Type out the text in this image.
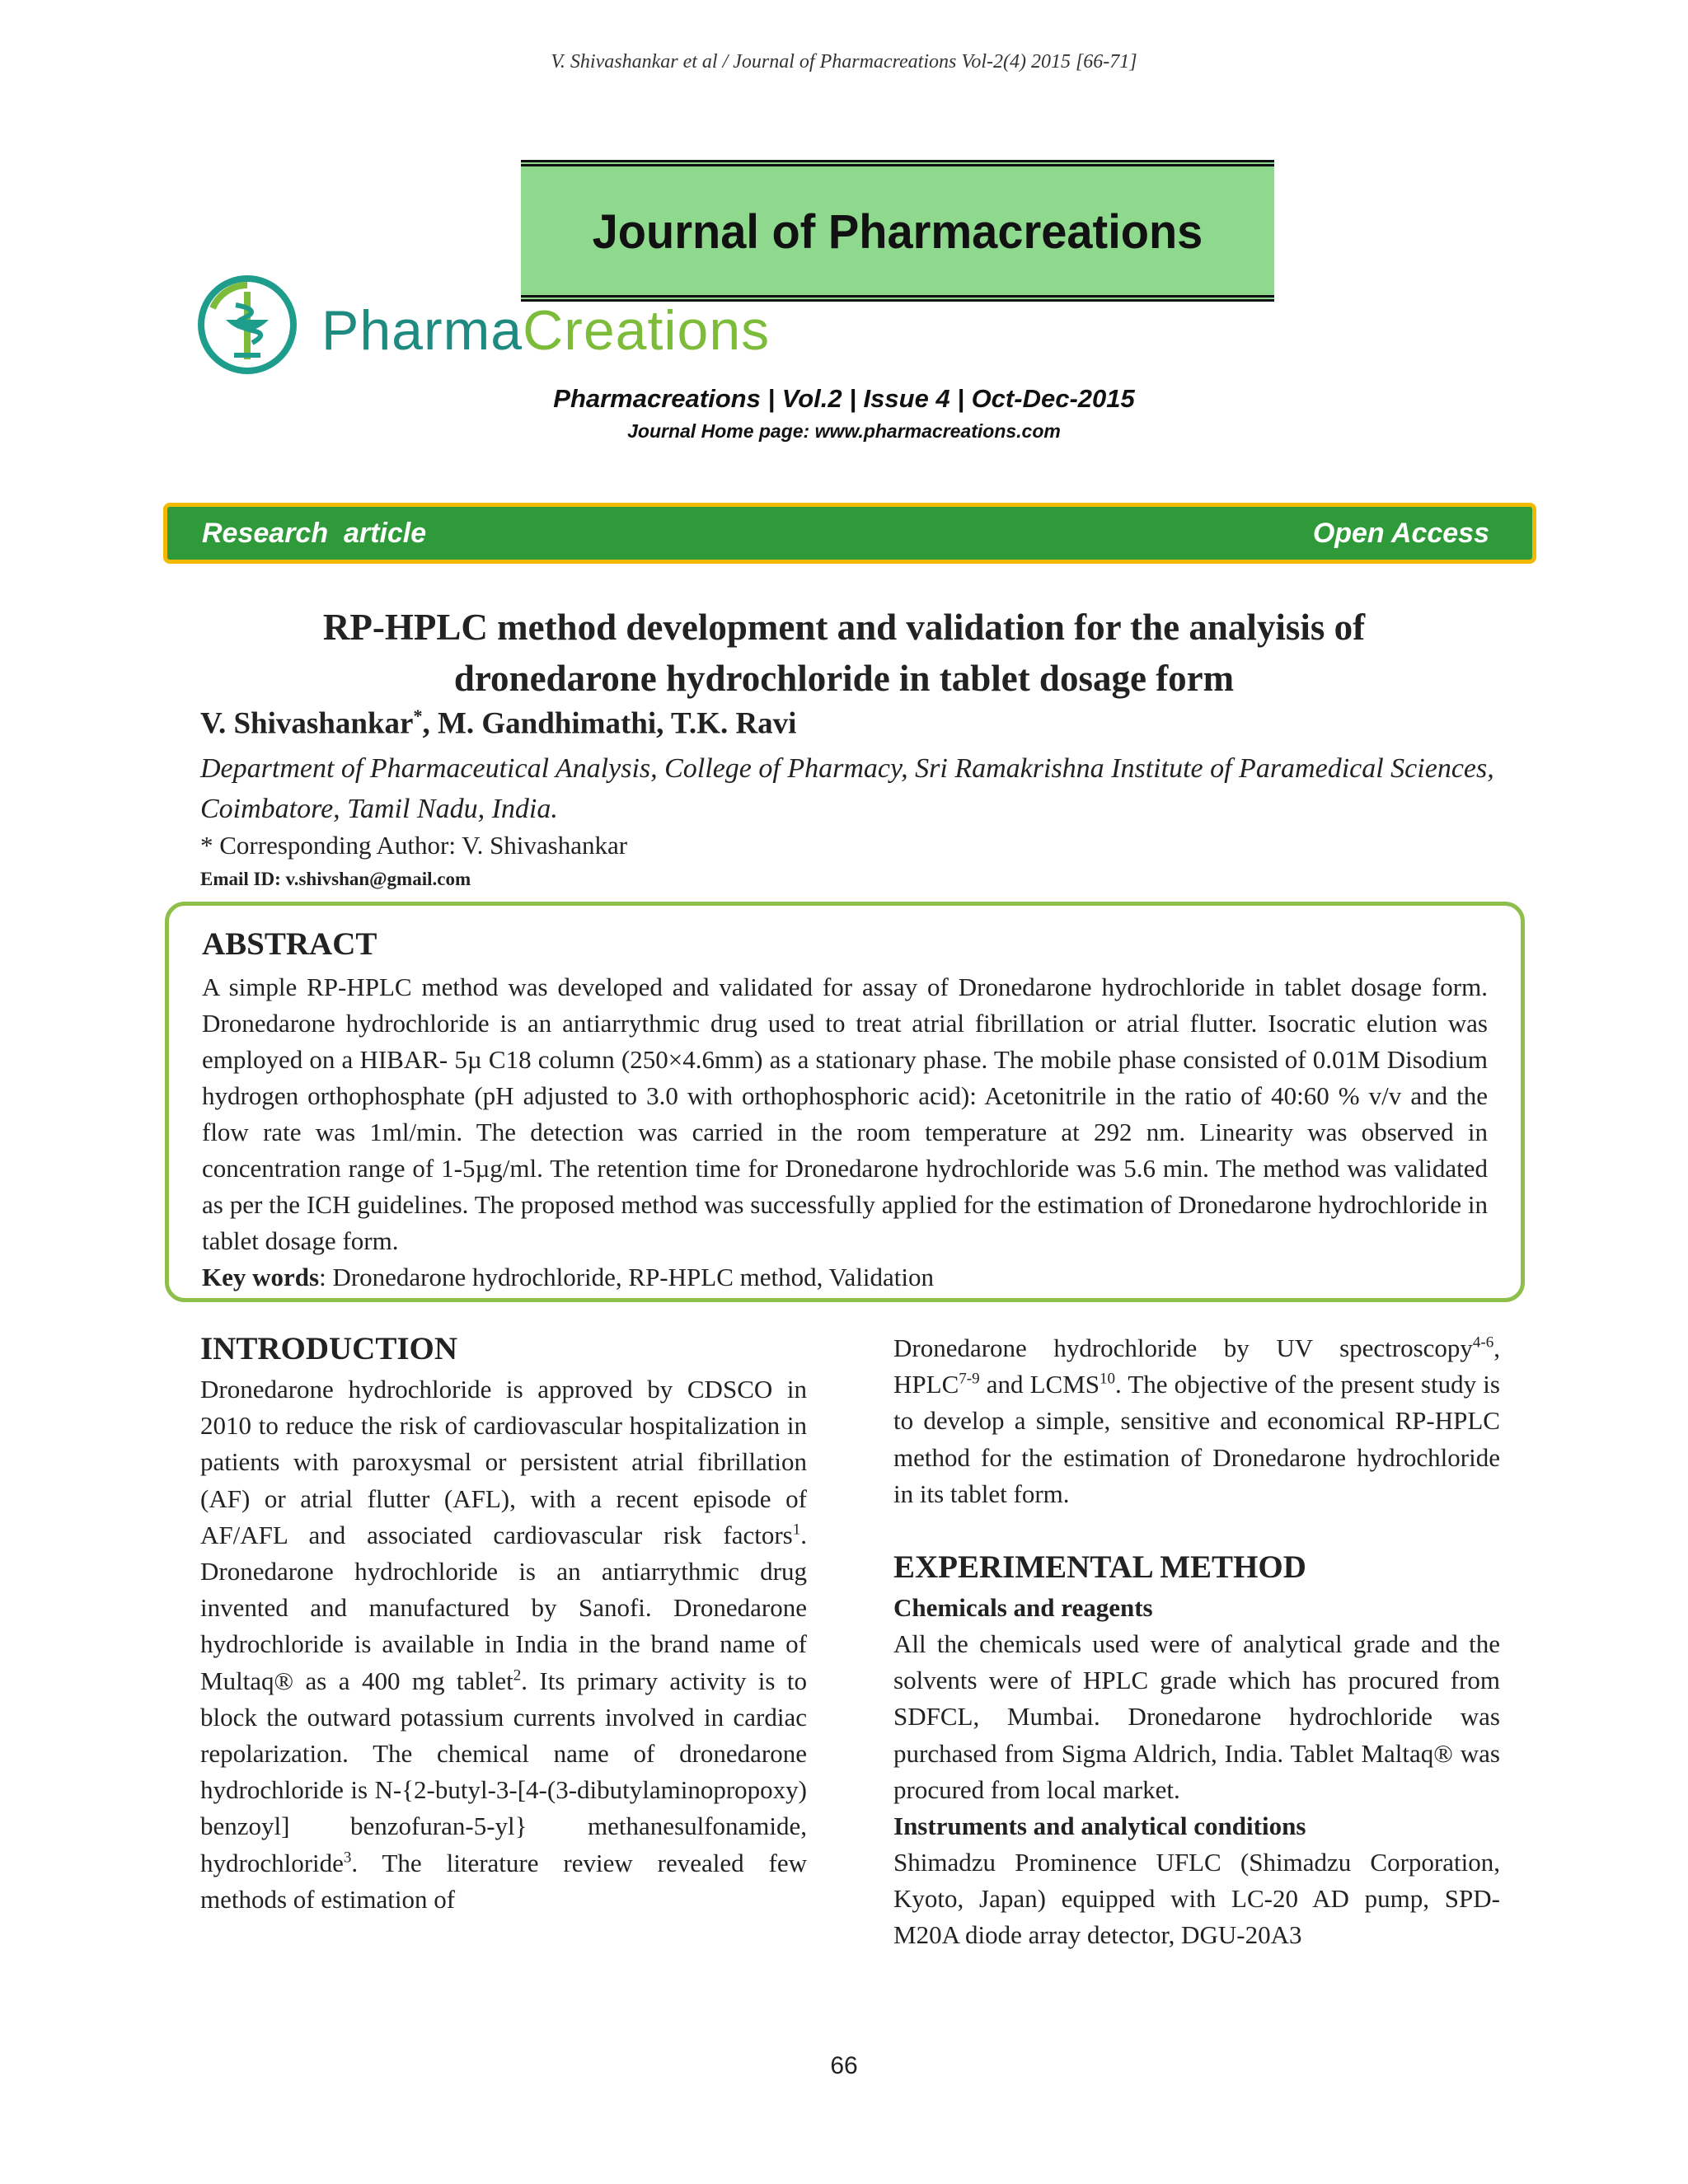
V. Shivashankar et al / Journal of Pharmacreations Vol-2(4) 2015 [66-71]
Journal of Pharmacreations
PharmaCreations
Pharmacreations | Vol.2 | Issue 4 | Oct-Dec-2015
Journal Home page: www.pharmacreations.com
Research  article	Open Access
RP-HPLC method development and validation for the analyisis of
dronedarone hydrochloride in tablet dosage form
V. Shivashankar*, M. Gandhimathi, T.K. Ravi
Department of Pharmaceutical Analysis, College of Pharmacy, Sri Ramakrishna Institute of Paramedical Sciences, Coimbatore, Tamil Nadu, India.
* Corresponding Author: V. Shivashankar
Email ID: v.shivshan@gmail.com
ABSTRACT

A simple RP-HPLC method was developed and validated for assay of Dronedarone hydrochloride in tablet dosage form. Dronedarone hydrochloride is an antiarrythmic drug used to treat atrial fibrillation or atrial flutter. Isocratic elution was employed on a HIBAR- 5µ C18 column (250×4.6mm) as a stationary phase. The mobile phase consisted of 0.01M Disodium hydrogen orthophosphate (pH adjusted to 3.0 with orthophosphoric acid): Acetonitrile in the ratio of 40:60 % v/v and the flow rate was 1ml/min. The detection was carried in the room temperature at 292 nm. Linearity was observed in concentration range of 1-5µg/ml. The retention time for Dronedarone hydrochloride was 5.6 min. The method was validated as per the ICH guidelines. The proposed method was successfully applied for the estimation of Dronedarone hydrochloride in tablet dosage form.

Key words: Dronedarone hydrochloride, RP-HPLC method, Validation

INTRODUCTION

Dronedarone hydrochloride is approved by CDSCO in 2010 to reduce the risk of cardiovascular hospitalization in patients with paroxysmal or persistent atrial fibrillation (AF) or atrial flutter (AFL), with a recent episode of AF/AFL and associated cardiovascular risk factors$^1$. Dronedarone hydrochloride is an antiarrythmic drug invented and manufactured by Sanofi. Dronedarone hydrochloride is available in India in the brand name of Multaq® as a 400 mg tablet$^2$. Its primary activity is to block the outward potassium currents involved in cardiac repolarization. The chemical name of dronedarone hydrochloride is N-{2-butyl-3-[4-(3-dibutylaminopropoxy) benzoyl] benzofuran-5-yl} methanesulfonamide, hydrochloride$^3$. The literature review revealed few methods of estimation of

Dronedarone hydrochloride by UV spectroscopy$^{4-6}$, HPLC$^{7-9}$ and LCMS$^{10}$. The objective of the present study is to develop a simple, sensitive and economical RP-HPLC method for the estimation of Dronedarone hydrochloride in its tablet form.

EXPERIMENTAL METHOD
Chemicals and reagents

All the chemicals used were of analytical grade and the solvents were of HPLC grade which has procured from SDFCL, Mumbai. Dronedarone hydrochloride was purchased from Sigma Aldrich, India. Tablet Maltaq® was procured from local market.

Instruments and analytical conditions

Shimadzu Prominence UFLC (Shimadzu Corporation, Kyoto, Japan) equipped with LC-20 AD pump, SPD-M20A diode array detector, DGU-20A3

66
